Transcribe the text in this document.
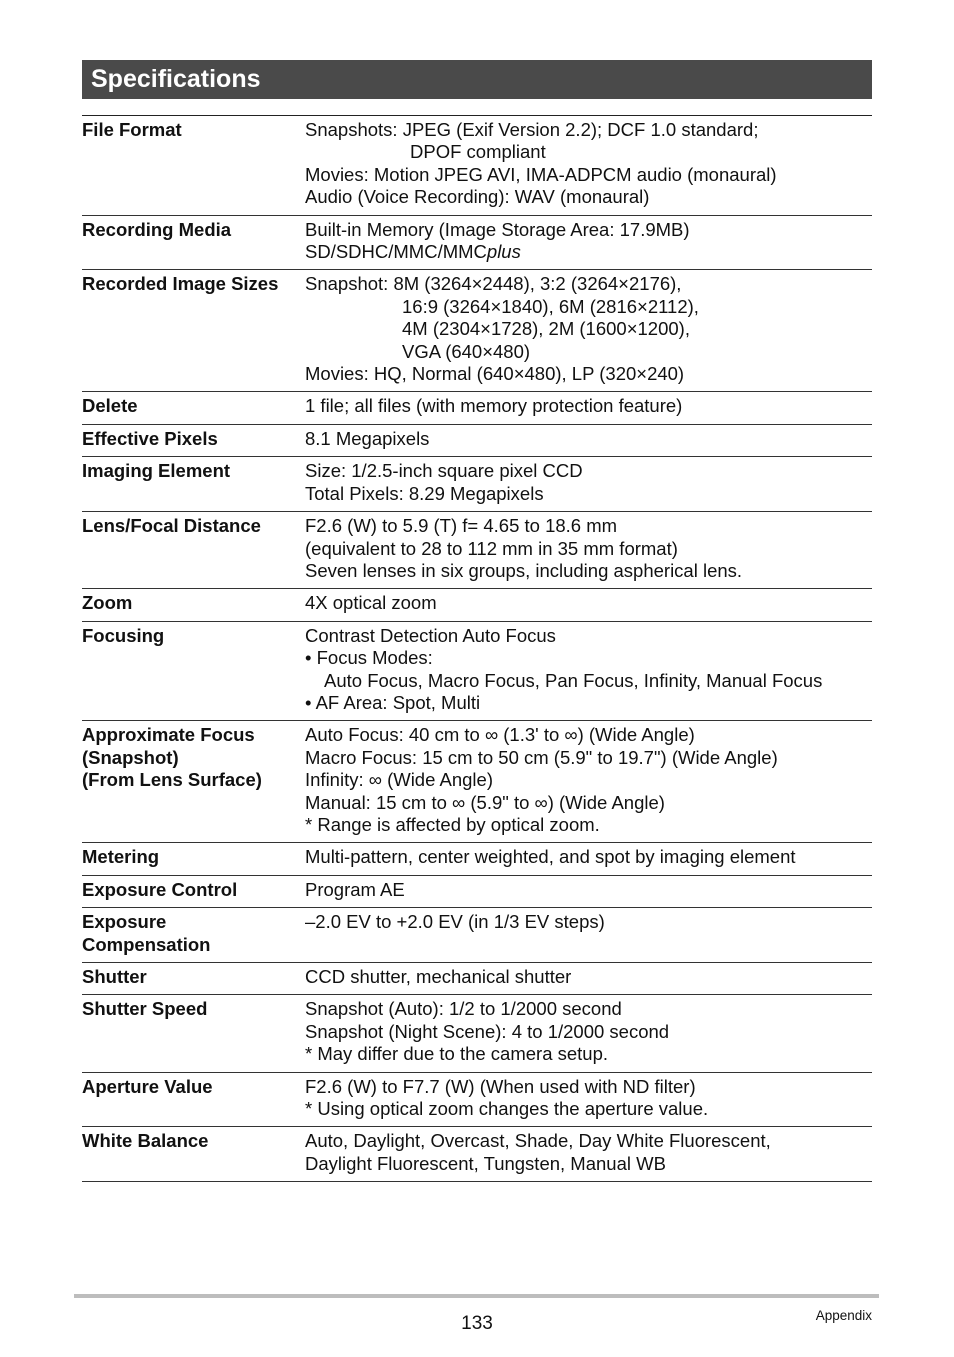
Specifications
File Format	Snapshots: JPEG (Exif Version 2.2); DCF 1.0 standard;
DPOF compliant
Movies: Motion JPEG AVI, IMA-ADPCM audio (monaural)
Audio (Voice Recording): WAV (monaural)
Recording Media	Built-in Memory (Image Storage Area: 17.9MB)
SD/SDHC/MMC/MMCplus
Recorded Image Sizes	Snapshot: 8M (3264×2448), 3:2 (3264×2176),
16:9 (3264×1840), 6M (2816×2112),
4M (2304×1728), 2M (1600×1200),
VGA (640×480)
Movies: HQ, Normal (640×480), LP (320×240)
Delete	1 file; all files (with memory protection feature)
Effective Pixels	8.1 Megapixels
Imaging Element	Size: 1/2.5-inch square pixel CCD
Total Pixels: 8.29 Megapixels
Lens/Focal Distance	F2.6 (W) to 5.9 (T) f= 4.65 to 18.6 mm
(equivalent to 28 to 112 mm in 35 mm format)
Seven lenses in six groups, including aspherical lens.
Zoom	4X optical zoom
Focusing	Contrast Detection Auto Focus
• Focus Modes:
Auto Focus, Macro Focus, Pan Focus, Infinity, Manual Focus
• AF Area: Spot, Multi
Approximate Focus
(Snapshot)
(From Lens Surface)
Auto Focus: 40 cm to ∞ (1.3' to ∞) (Wide Angle)
Macro Focus: 15 cm to 50 cm (5.9" to 19.7") (Wide Angle)
Infinity: ∞ (Wide Angle)
Manual: 15 cm to ∞ (5.9" to ∞) (Wide Angle)
* Range is affected by optical zoom.
Metering	Multi-pattern, center weighted, and spot by imaging element
Exposure Control	Program AE
Exposure
Compensation
–2.0 EV to +2.0 EV (in 1/3 EV steps)
Shutter	CCD shutter, mechanical shutter
Shutter Speed	Snapshot (Auto): 1/2 to 1/2000 second
Snapshot (Night Scene): 4 to 1/2000 second
* May differ due to the camera setup.
Aperture Value	F2.6 (W) to F7.7 (W) (When used with ND filter)
* Using optical zoom changes the aperture value.
White Balance	Auto, Daylight, Overcast, Shade, Day White Fluorescent,
Daylight Fluorescent, Tungsten, Manual WB
133	Appendix
